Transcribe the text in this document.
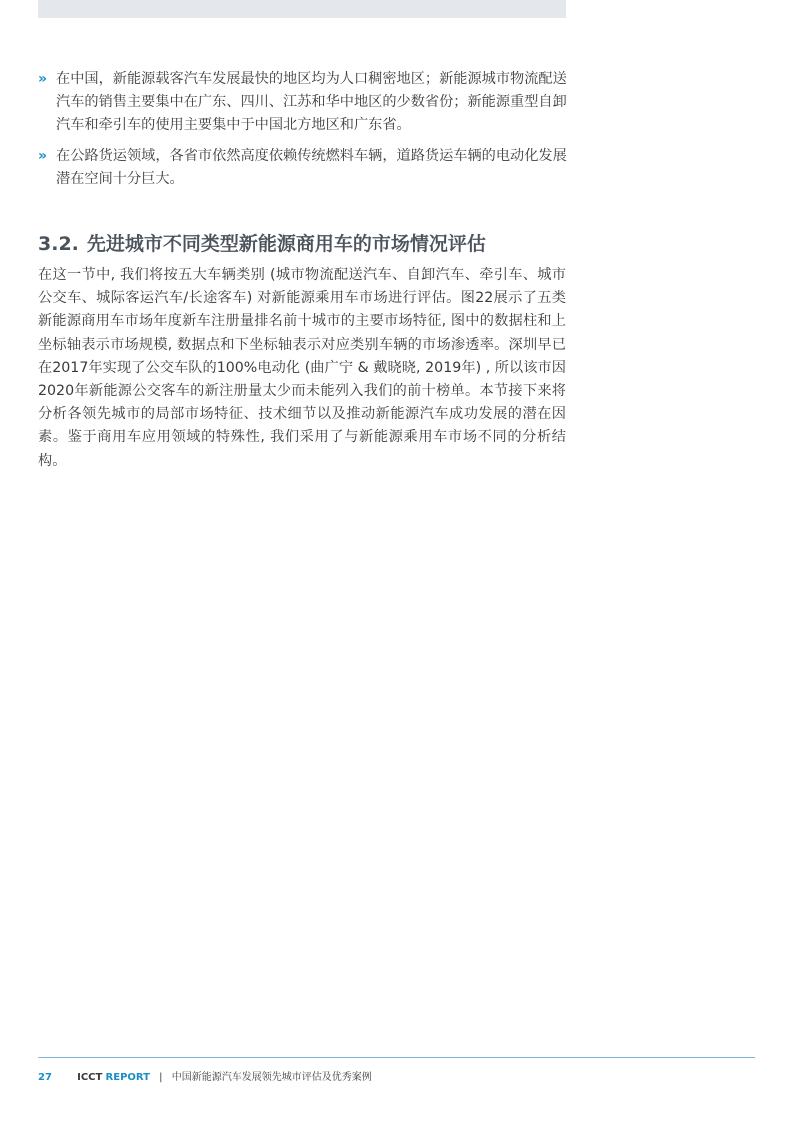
» 在中国，新能源载客汽车发展最快的地区均为人口稠密地区；新能源城市物流配送汽车的销售主要集中在广东、四川、江苏和华中地区的少数省份；新能源重型自卸汽车和牵引车的使用主要集中于中国北方地区和广东省。
» 在公路货运领域，各省市依然高度依赖传统燃料车辆，道路货运车辆的电动化发展潜在空间十分巨大。
3.2. 先进城市不同类型新能源商用车的市场情况评估

在这一节中, 我们将按五大车辆类别 (城市物流配送汽车、自卸汽车、牵引车、城市公交车、城际客运汽车/长途客车) 对新能源乘用车市场进行评估。图22展示了五类新能源商用车市场年度新车注册量排名前十城市的主要市场特征, 图中的数据柱和上坐标轴表示市场规模, 数据点和下坐标轴表示对应类别车辆的市场渗透率。深圳早已在2017年实现了公交车队的100%电动化 (曲广宁 & 戴晓晓, 2019年) , 所以该市因2020年新能源公交客车的新注册量太少而未能列入我们的前十榜单。本节接下来将分析各领先城市的局部市场特征、技术细节以及推动新能源汽车成功发展的潜在因素。鉴于商用车应用领域的特殊性, 我们采用了与新能源乘用车市场不同的分析结构。

27	ICCT REPORT | 中国新能源汽车发展领先城市评估及优秀案例
